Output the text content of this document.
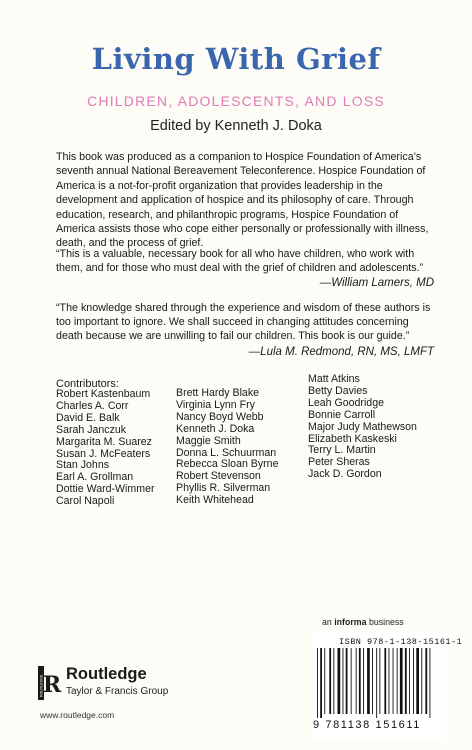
Living With Grief
CHILDREN, ADOLESCENTS, AND LOSS
Edited by Kenneth J. Doka
This book was produced as a companion to Hospice Foundation of America’s seventh annual National Bereavement Teleconference. Hospice Foundation of America is a not-for-profit organization that provides leadership in the development and application of hospice and its philosophy of care. Through education, research, and philanthropic programs, Hospice Foundation of America assists those who cope either personally or professionally with illness, death, and the process of grief.
“This is a valuable, necessary book for all who have children, who work with them, and for those who must deal with the grief of children and adolescents.”
—William Lamers, MD
“The knowledge shared through the experience and wisdom of these authors is too important to ignore. We shall succeed in changing attitudes concerning death because we are unwilling to fail our children. This book is our guide.”
—Lula M. Redmond, RN, MS, LMFT
Contributors:
Robert Kastenbaum
Charles A. Corr
David E. Balk
Sarah Janczuk
Margarita M. Suarez
Susan J. McFeaters
Stan Johns
Earl A. Grollman
Dottie Ward-Wimmer
Carol Napoli
Brett Hardy Blake
Virginia Lynn Fry
Nancy Boyd Webb
Kenneth J. Doka
Maggie Smith
Donna L. Schuurman
Rebecca Sloan Byrne
Robert Stevenson
Phyllis R. Silverman
Keith Whitehead
Matt Atkins
Betty Davies
Leah Goodridge
Bonnie Carroll
Major Judy Mathewson
Elizabeth Kaskeski
Terry L. Martin
Peter Sheras
Jack D. Gordon
an informa business
ISBN 978-1-138-15161-1
9 781138 151611
R
ROUTLEDGE
Routledge
Taylor & Francis Group
www.routledge.com
